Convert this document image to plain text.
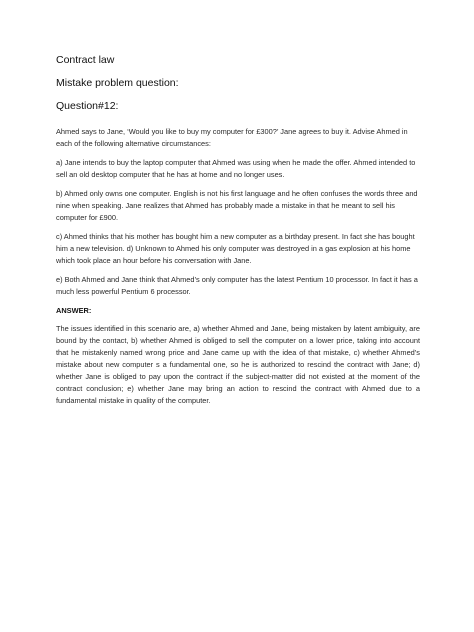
Contract law

Mistake problem question:

Question#12:

Ahmed says to Jane, ‘Would you like to buy my computer for £300?’ Jane agrees to buy it. Advise Ahmed in each of the following alternative circumstances:

a) Jane intends to buy the laptop computer that Ahmed was using when he made the offer. Ahmed intended to sell an old desktop computer that he has at home and no longer uses.

b) Ahmed only owns one computer. English is not his first language and he often confuses the words three and nine when speaking. Jane realizes that Ahmed has probably made a mistake in that he meant to sell his computer for £900.

c) Ahmed thinks that his mother has bought him a new computer as a birthday present. In fact she has bought him a new television. d) Unknown to Ahmed his only computer was destroyed in a gas explosion at his home which took place an hour before his conversation with Jane.

e) Both Ahmed and Jane think that Ahmed’s only computer has the latest Pentium 10 processor. In fact it has a much less powerful Pentium 6 processor.

ANSWER:

The issues identified in this scenario are, a) whether Ahmed and Jane, being mistaken by latent ambiguity, are bound by the contact, b) whether Ahmed is obliged to sell the computer on a lower price, taking into account that he mistakenly named wrong price and Jane came up with the idea of that mistake, c) whether Ahmed’s mistake about new computer s a fundamental one, so he is authorized to rescind the contract with Jane; d) whether Jane is obliged to pay upon the contract if the subject-matter did not existed at the moment of the contract conclusion; e) whether Jane may bring an action to rescind the contract with Ahmed due to a fundamental mistake in quality of the computer.
